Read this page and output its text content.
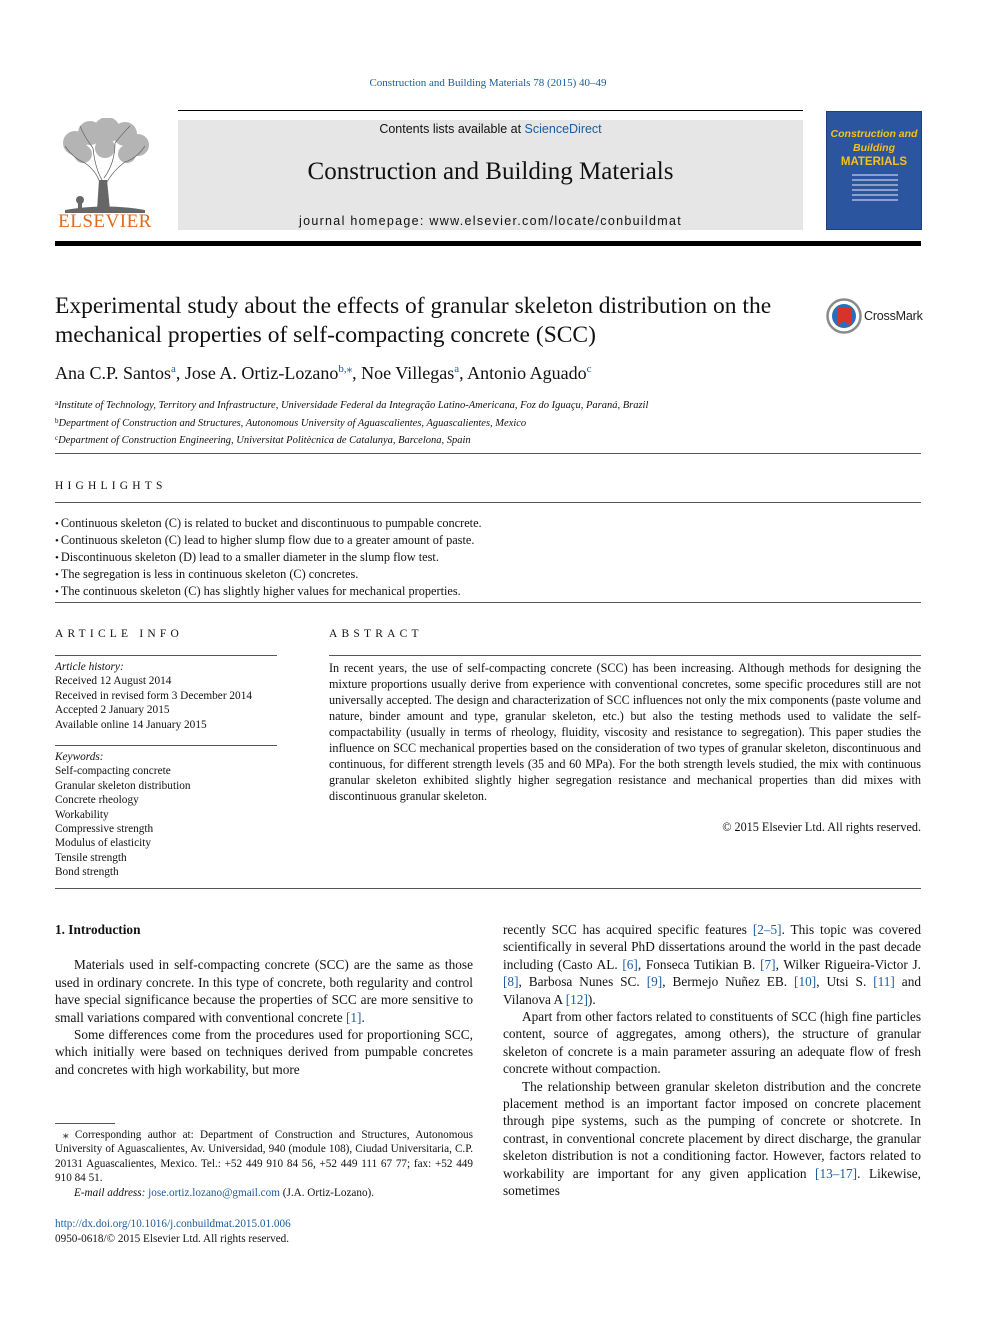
Construction and Building Materials 78 (2015) 40–49
ELSEVIER
Contents lists available at ScienceDirect
Construction and Building Materials
journal homepage: www.elsevier.com/locate/conbuildmat
Construction and Building
MATERIALS
Experimental study about the effects of granular skeleton distribution on the mechanical properties of self-compacting concrete (SCC)
CrossMark
Ana C.P. Santos$^a$, Jose A. Ortiz-Lozano$^{b,⁎}$, Noe Villegas$^a$, Antonio Aguado$^c$
$^a$Institute of Technology, Territory and Infrastructure, Universidade Federal da Integração Latino-Americana, Foz do Iguaçu, Paraná, Brazil
$^b$Department of Construction and Structures, Autonomous University of Aguascalientes, Aguascalientes, Mexico
$^c$Department of Construction Engineering, Universitat Politècnica de Catalunya, Barcelona, Spain
HIGHLIGHTS
• Continuous skeleton (C) is related to bucket and discontinuous to pumpable concrete.
• Continuous skeleton (C) lead to higher slump flow due to a greater amount of paste.
• Discontinuous skeleton (D) lead to a smaller diameter in the slump flow test.
• The segregation is less in continuous skeleton (C) concretes.
• The continuous skeleton (C) has slightly higher values for mechanical properties.
ARTICLE INFO
Article history:
Received 12 August 2014
Received in revised form 3 December 2014
Accepted 2 January 2015
Available online 14 January 2015
Keywords:
Self-compacting concrete
Granular skeleton distribution
Concrete rheology
Workability
Compressive strength
Modulus of elasticity
Tensile strength
Bond strength
ABSTRACT
In recent years, the use of self-compacting concrete (SCC) has been increasing. Although methods for designing the mixture proportions usually derive from experience with conventional concretes, some specific procedures still are not universally accepted. The design and characterization of SCC influences not only the mix components (paste volume and nature, binder amount and type, granular skeleton, etc.) but also the testing methods used to validate the self-compactability (usually in terms of rheology, fluidity, viscosity and resistance to segregation). This paper studies the influence on SCC mechanical properties based on the consideration of two types of granular skeleton, discontinuous and continuous, for different strength levels (35 and 60 MPa). For the both strength levels studied, the mix with continuous granular skeleton exhibited slightly higher segregation resistance and mechanical properties than did mixes with discontinuous granular skeleton.
© 2015 Elsevier Ltd. All rights reserved.

1. Introduction

Materials used in self-compacting concrete (SCC) are the same as those used in ordinary concrete. In this type of concrete, both regularity and control have special significance because the properties of SCC are more sensitive to small variations compared with conventional concrete [1].

Some differences come from the procedures used for proportioning SCC, which initially were based on techniques derived from pumpable concretes and concretes with high workability, but more

recently SCC has acquired specific features [2–5]. This topic was covered scientifically in several PhD dissertations around the world in the past decade including (Casto AL. [6], Fonseca Tutikian B. [7], Wilker Rigueira-Victor J. [8], Barbosa Nunes SC. [9], Bermejo Nuñez EB. [10], Utsi S. [11] and Vilanova A [12]).

Apart from other factors related to constituents of SCC (high fine particles content, source of aggregates, among others), the structure of granular skeleton of concrete is a main parameter assuring an adequate flow of fresh concrete without compaction.

The relationship between granular skeleton distribution and the concrete placement method is an important factor imposed on concrete placement through pipe systems, such as the pumping of concrete or shotcrete. In contrast, in conventional concrete placement by direct discharge, the granular skeleton distribution is not a conditioning factor. However, factors related to workability are important for any given application [13–17]. Likewise, sometimes

⁎ Corresponding author at: Department of Construction and Structures, Autonomous University of Aguascalientes, Av. Universidad, 940 (module 108), Ciudad Universitaria, C.P. 20131 Aguascalientes, Mexico. Tel.: +52 449 910 84 56, +52 449 111 67 77; fax: +52 449 910 84 51.
E-mail address: jose.ortiz.lozano@gmail.com (J.A. Ortiz-Lozano).
http://dx.doi.org/10.1016/j.conbuildmat.2015.01.006
0950-0618/© 2015 Elsevier Ltd. All rights reserved.
